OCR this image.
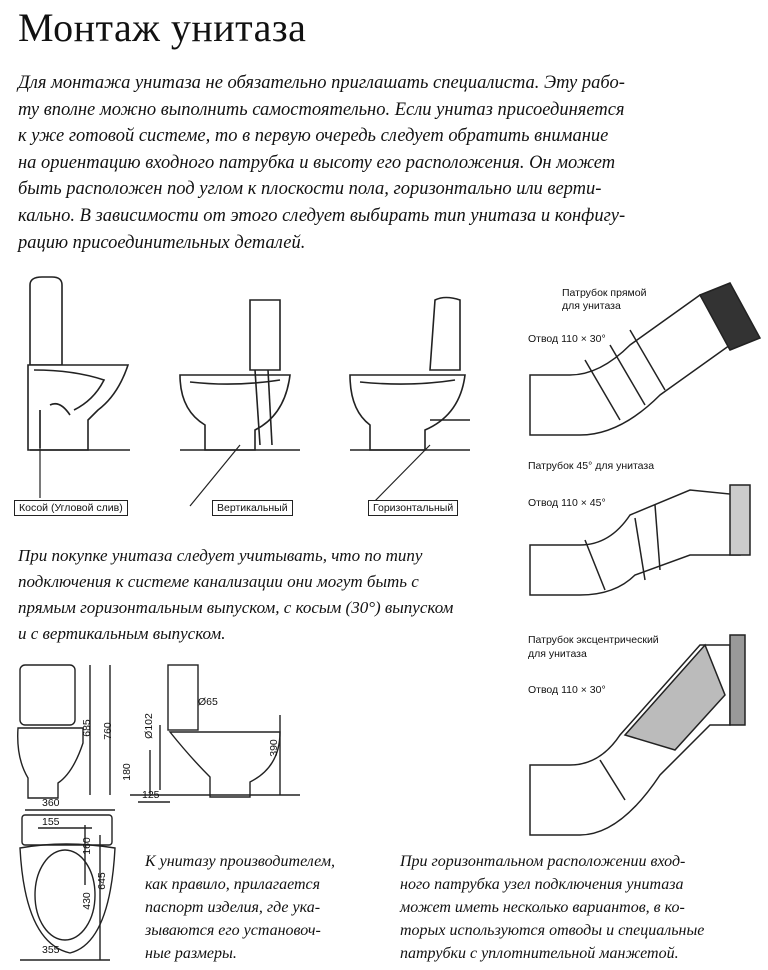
Монтаж унитаза
Для монтажа унитаза не обязательно приглашать специалиста. Эту рабо-
ту вполне можно выполнить самостоятельно. Если унитаз присоединяется
к уже готовой системе, то в первую очередь следует обратить внимание
на ориентацию входного патрубка и высоту его расположения. Он может
быть расположен под углом к плоскости пола, горизонтально или верти-
кально. В зависимости от этого следует выбирать тип унитаза и конфигу-
рацию присоединительных деталей.
Косой (Угловой слив)	Вертикальный	Горизонтальный
При покупке унитаза следует учитывать, что по типу
подключения к системе канализации они могут быть с
прямым горизонтальным выпуском, с косым (30°) выпуском
и с вертикальным выпуском.
Патрубок прямой
для унитаза
Отвод 110 × 30°
Патрубок 45° для унитаза
Отвод 110 × 45°
Патрубок эксцентрический
для унитаза
Отвод 110 × 30°
685 760	Ø102
Ø65
390
180
125
360
155
160
430
645
355
К унитазу производителем,
как правило, прилагается
паспорт изделия, где ука-
зываются его установоч-
ные размеры.
При горизонтальном расположении вход-
ного патрубка узел подключения унитаза
может иметь несколько вариантов, в ко-
торых используются отводы и специальные
патрубки с уплотнительной манжетой.
